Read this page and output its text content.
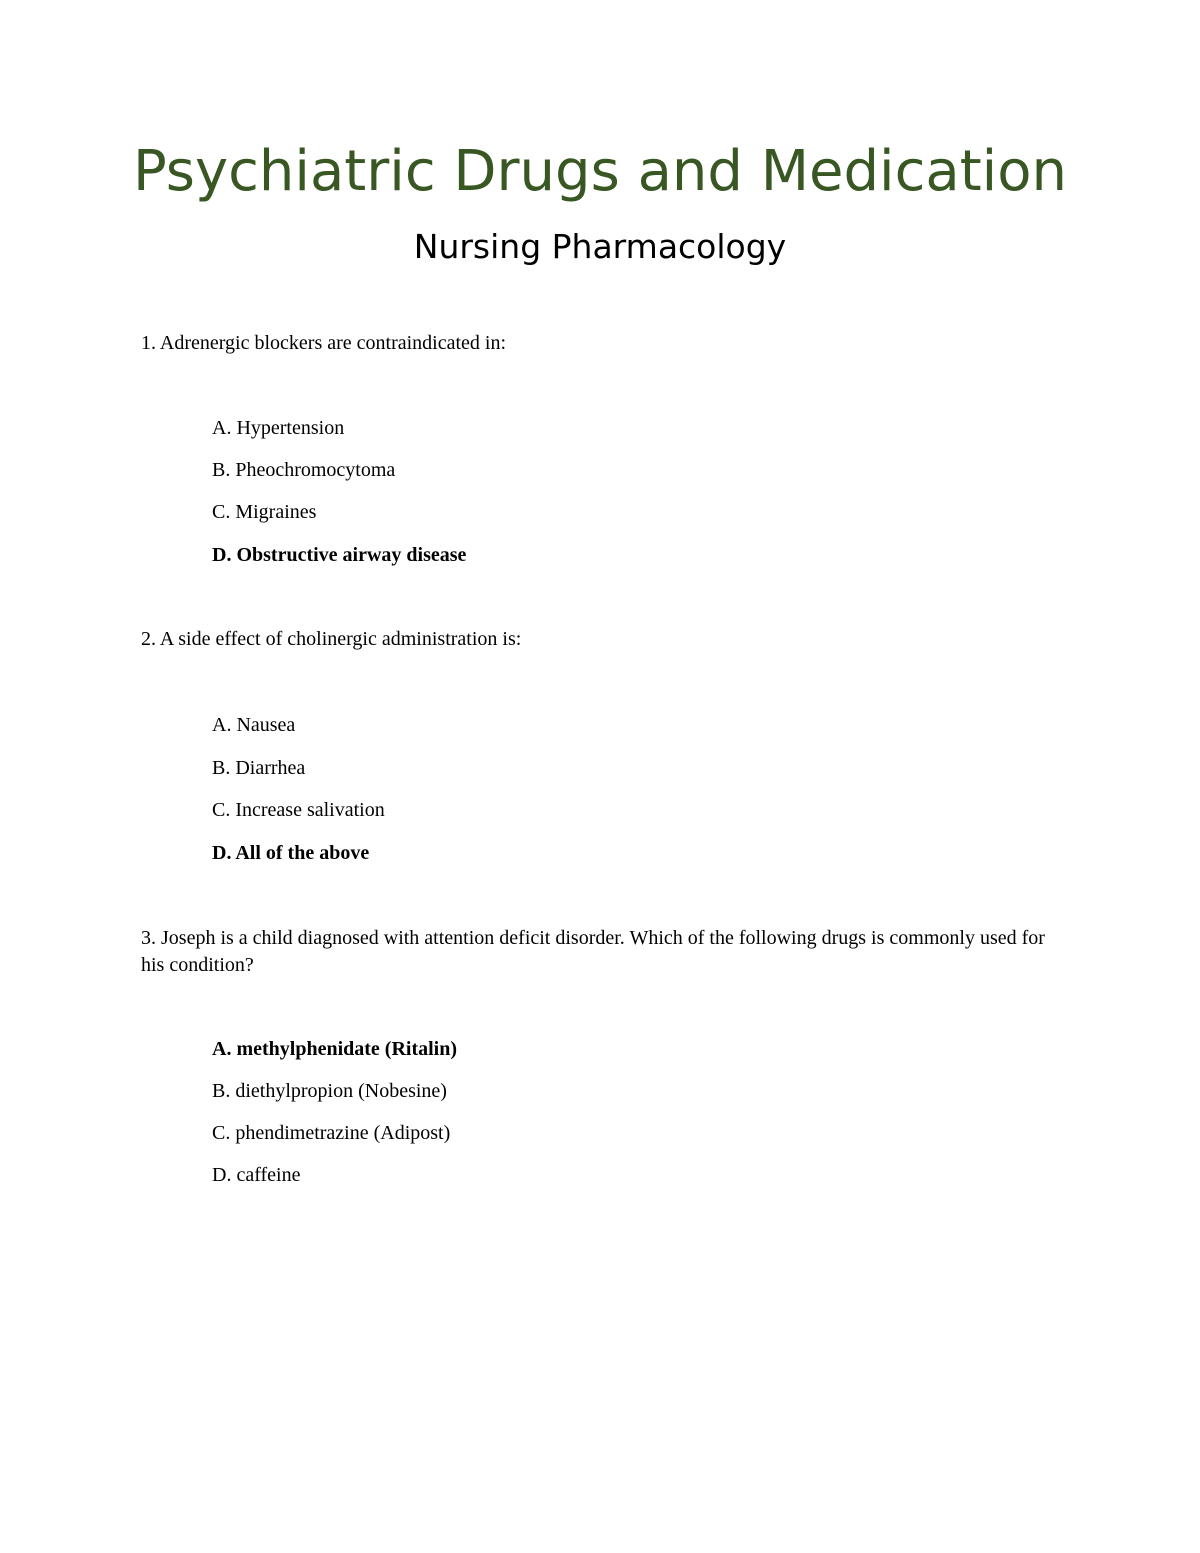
Psychiatric Drugs and Medication
Nursing Pharmacology
1. Adrenergic blockers are contraindicated in:
A. Hypertension
B. Pheochromocytoma
C. Migraines
D. Obstructive airway disease
2. A side effect of cholinergic administration is:
A. Nausea
B. Diarrhea
C. Increase salivation
D. All of the above
3. Joseph is a child diagnosed with attention deficit disorder. Which of the following drugs is commonly used for his condition?
A. methylphenidate (Ritalin)
B. diethylpropion (Nobesine)
C. phendimetrazine (Adipost)
D. caffeine
